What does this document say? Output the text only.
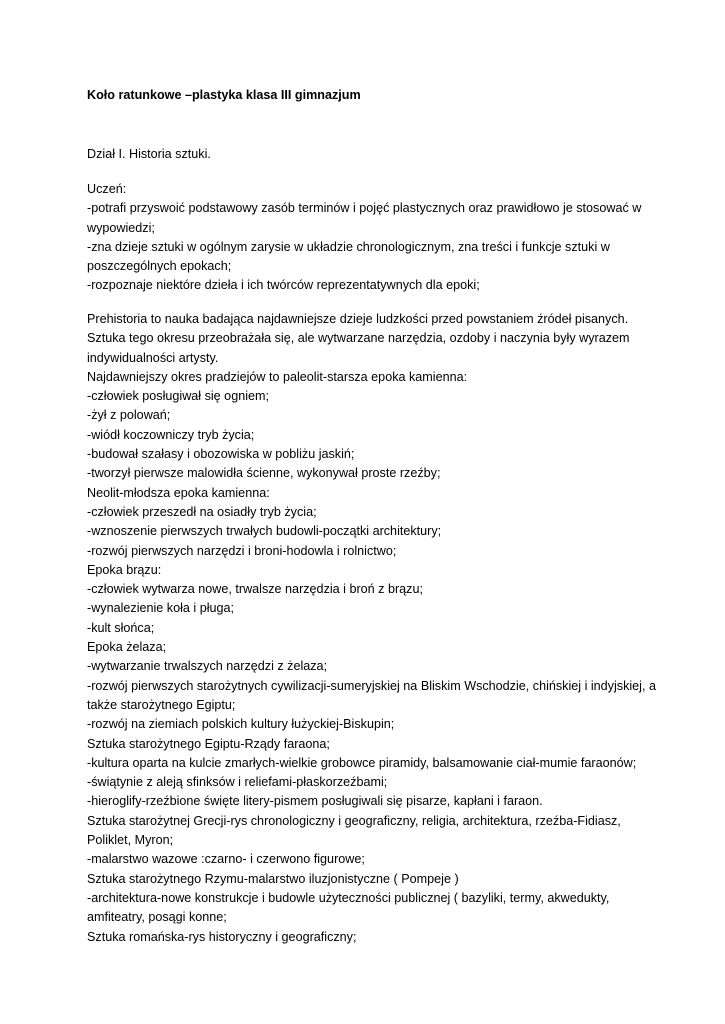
Koło ratunkowe –plastyka klasa III gimnazjum
Dział I. Historia sztuki.
Uczeń:
-potrafi przyswoić podstawowy zasób terminów i pojęć plastycznych oraz prawidłowo je stosować w
wypowiedzi;
-zna dzieje sztuki w ogólnym zarysie w układzie chronologicznym, zna treści i funkcje sztuki w
poszczególnych epokach;
-rozpoznaje niektóre dzieła i ich twórców reprezentatywnych dla epoki;
Prehistoria to nauka badająca najdawniejsze dzieje ludzkości przed powstaniem źródeł pisanych.
Sztuka tego okresu przeobrażała się, ale wytwarzane narzędzia, ozdoby i naczynia były wyrazem
indywidualności artysty.
Najdawniejszy okres pradziejów to paleolit-starsza epoka kamienna:
-człowiek posługiwał się ogniem;
-żył z polowań;
-wiódł koczowniczy tryb życia;
-budował szałasy i obozowiska w pobliżu jaskiń;
-tworzył pierwsze malowidła ścienne, wykonywał proste rzeźby;
Neolit-młodsza epoka kamienna:
-człowiek przeszedł na osiadły tryb życia;
-wznoszenie pierwszych trwałych budowli-początki architektury;
-rozwój pierwszych narzędzi i broni-hodowla i rolnictwo;
Epoka brązu:
-człowiek wytwarza nowe, trwalsze narzędzia i broń z brązu;
-wynalezienie koła i pługa;
-kult słońca;
Epoka żelaza;
-wytwarzanie trwalszych narzędzi z żelaza;
-rozwój pierwszych starożytnych cywilizacji-sumeryjskiej na Bliskim Wschodzie, chińskiej i indyjskiej, a
także starożytnego Egiptu;
-rozwój na ziemiach polskich kultury łużyckiej-Biskupin;
Sztuka starożytnego Egiptu-Rządy faraona;
-kultura oparta na kulcie zmarłych-wielkie grobowce piramidy, balsamowanie ciał-mumie faraonów;
-świątynie z aleją sfinksów i reliefami-płaskorzeźbami;
-hieroglify-rzeźbione święte litery-pismem posługiwali się pisarze, kapłani i faraon.
Sztuka starożytnej Grecji-rys chronologiczny i geograficzny, religia, architektura, rzeźba-Fidiasz,
Poliklet, Myron;
-malarstwo wazowe :czarno- i czerwono figurowe;
Sztuka starożytnego Rzymu-malarstwo iluzjonistyczne ( Pompeje )
-architektura-nowe konstrukcje i budowle użyteczności publicznej ( bazyliki, termy, akwedukty,
amfiteatry, posągi konne;
Sztuka romańska-rys historyczny i geograficzny;
